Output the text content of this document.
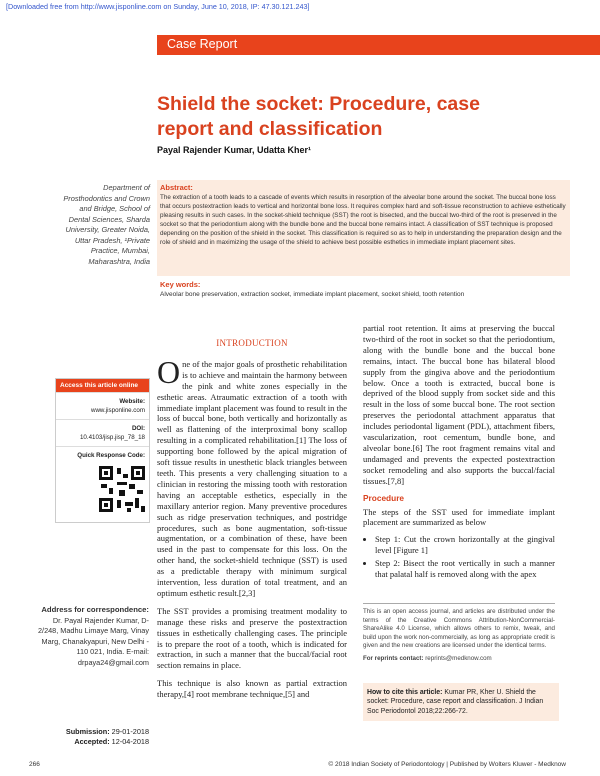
[Downloaded free from http://www.jisponline.com on Sunday, June 10, 2018, IP: 47.30.121.243]
Case Report
Shield the socket: Procedure, case report and classification
Payal Rajender Kumar, Udatta Kher¹
Department of Prosthodontics and Crown and Bridge, School of Dental Sciences, Sharda University, Greater Noida, Uttar Pradesh, ¹Private Practice, Mumbai, Maharashtra, India
Abstract:
The extraction of a tooth leads to a cascade of events which results in resorption of the alveolar bone around the socket. The buccal bone loss that occurs postextraction leads to vertical and horizontal bone loss. It requires complex hard and soft-tissue reconstruction to achieve esthetically pleasing results in such cases. In the socket-shield technique (SST) the root is bisected, and the buccal two-third of the root is preserved in the socket so that the periodontium along with the bundle bone and the buccal bone remains intact. A classification of SST technique is proposed depending on the position of the shield in the socket. This classification is required so as to help in understanding the preparation design and the role of shield and in maximizing the usage of the shield to achieve best possible esthetics in immediate implant placement sites.
Key words:
Alveolar bone preservation, extraction socket, immediate implant placement, socket shield, tooth retention
Access this article online
Website:
www.jisponline.com
DOI:
10.4103/jisp.jisp_78_18
Quick Response Code:
Address for correspondence:
Dr. Payal Rajender Kumar, D-2/248, Madhu Limaye Marg, Vinay Marg, Chanakyapuri, New Delhi - 110 021, India. E-mail: drpaya24@gmail.com
Submission: 29-01-2018
Accepted: 12-04-2018
INTRODUCTION

One of the major goals of prosthetic rehabilitation is to achieve and maintain the harmony between the pink and white zones especially in the esthetic areas. Atraumatic extraction of a tooth with immediate implant placement was found to result in the loss of buccal bone, both vertically and horizontally as well as flattening of the interproximal bony scallop resulting in a complicated rehabilitation.[1] The loss of supporting bone followed by the apical migration of soft tissue results in unesthetic black triangles between teeth. This presents a very challenging situation to a clinician in restoring the missing tooth with restoration having an acceptable esthetics, especially in the maxillary anterior region. Many preventive procedures such as ridge preservation techniques, and postridge procedures, such as bone augmentation, soft-tissue augmentation, or a combination of these, have been used in the past to compensate for this loss. On the other hand, the socket-shield technique (SST) is used as a predictable therapy with minimum surgical intervention, less duration of total treatment, and an optimum esthetic result.[2,3]

The SST provides a promising treatment modality to manage these risks and preserve the postextraction tissues in esthetically challenging cases. The principle is to prepare the root of a tooth, which is indicated for extraction, in such a manner that the buccal/facial root section remains in place.

This technique is also known as partial extraction therapy,[4] root membrane technique,[5] and

partial root retention. It aims at preserving the buccal two-third of the root in socket so that the periodontium, along with the bundle bone and the buccal bone remains, intact. The buccal bone has bilateral blood supply from the gingiva above and the periodontium below. Once a tooth is extracted, buccal bone is deprived of the blood supply from socket side and this result in the loss of some buccal bone. The root section preserves the periodontal attachment apparatus that includes periodontal ligament (PDL), attachment fibers, vascularization, root cementum, bundle bone, and alveolar bone.[6] The root fragment remains vital and undamaged and prevents the expected postextraction socket remodeling and also supports the buccal/facial tissues.[7,8]

Procedure

The steps of the SST used for immediate implant placement are summarized as below

• Step 1: Cut the crown horizontally at the gingival level [Figure 1]
• Step 2: Bisect the root vertically in such a manner that palatal half is removed along with the apex
This is an open access journal, and articles are distributed under the terms of the Creative Commons Attribution-NonCommercial-ShareAlike 4.0 License, which allows others to remix, tweak, and build upon the work non-commercially, as long as appropriate credit is given and the new creations are licensed under the identical terms.
For reprints contact: reprints@medknow.com
How to cite this article: Kumar PR, Kher U. Shield the socket: Procedure, case report and classification. J Indian Soc Periodontol 2018;22:266-72.
266	© 2018 Indian Society of Periodontology | Published by Wolters Kluwer - Medknow
